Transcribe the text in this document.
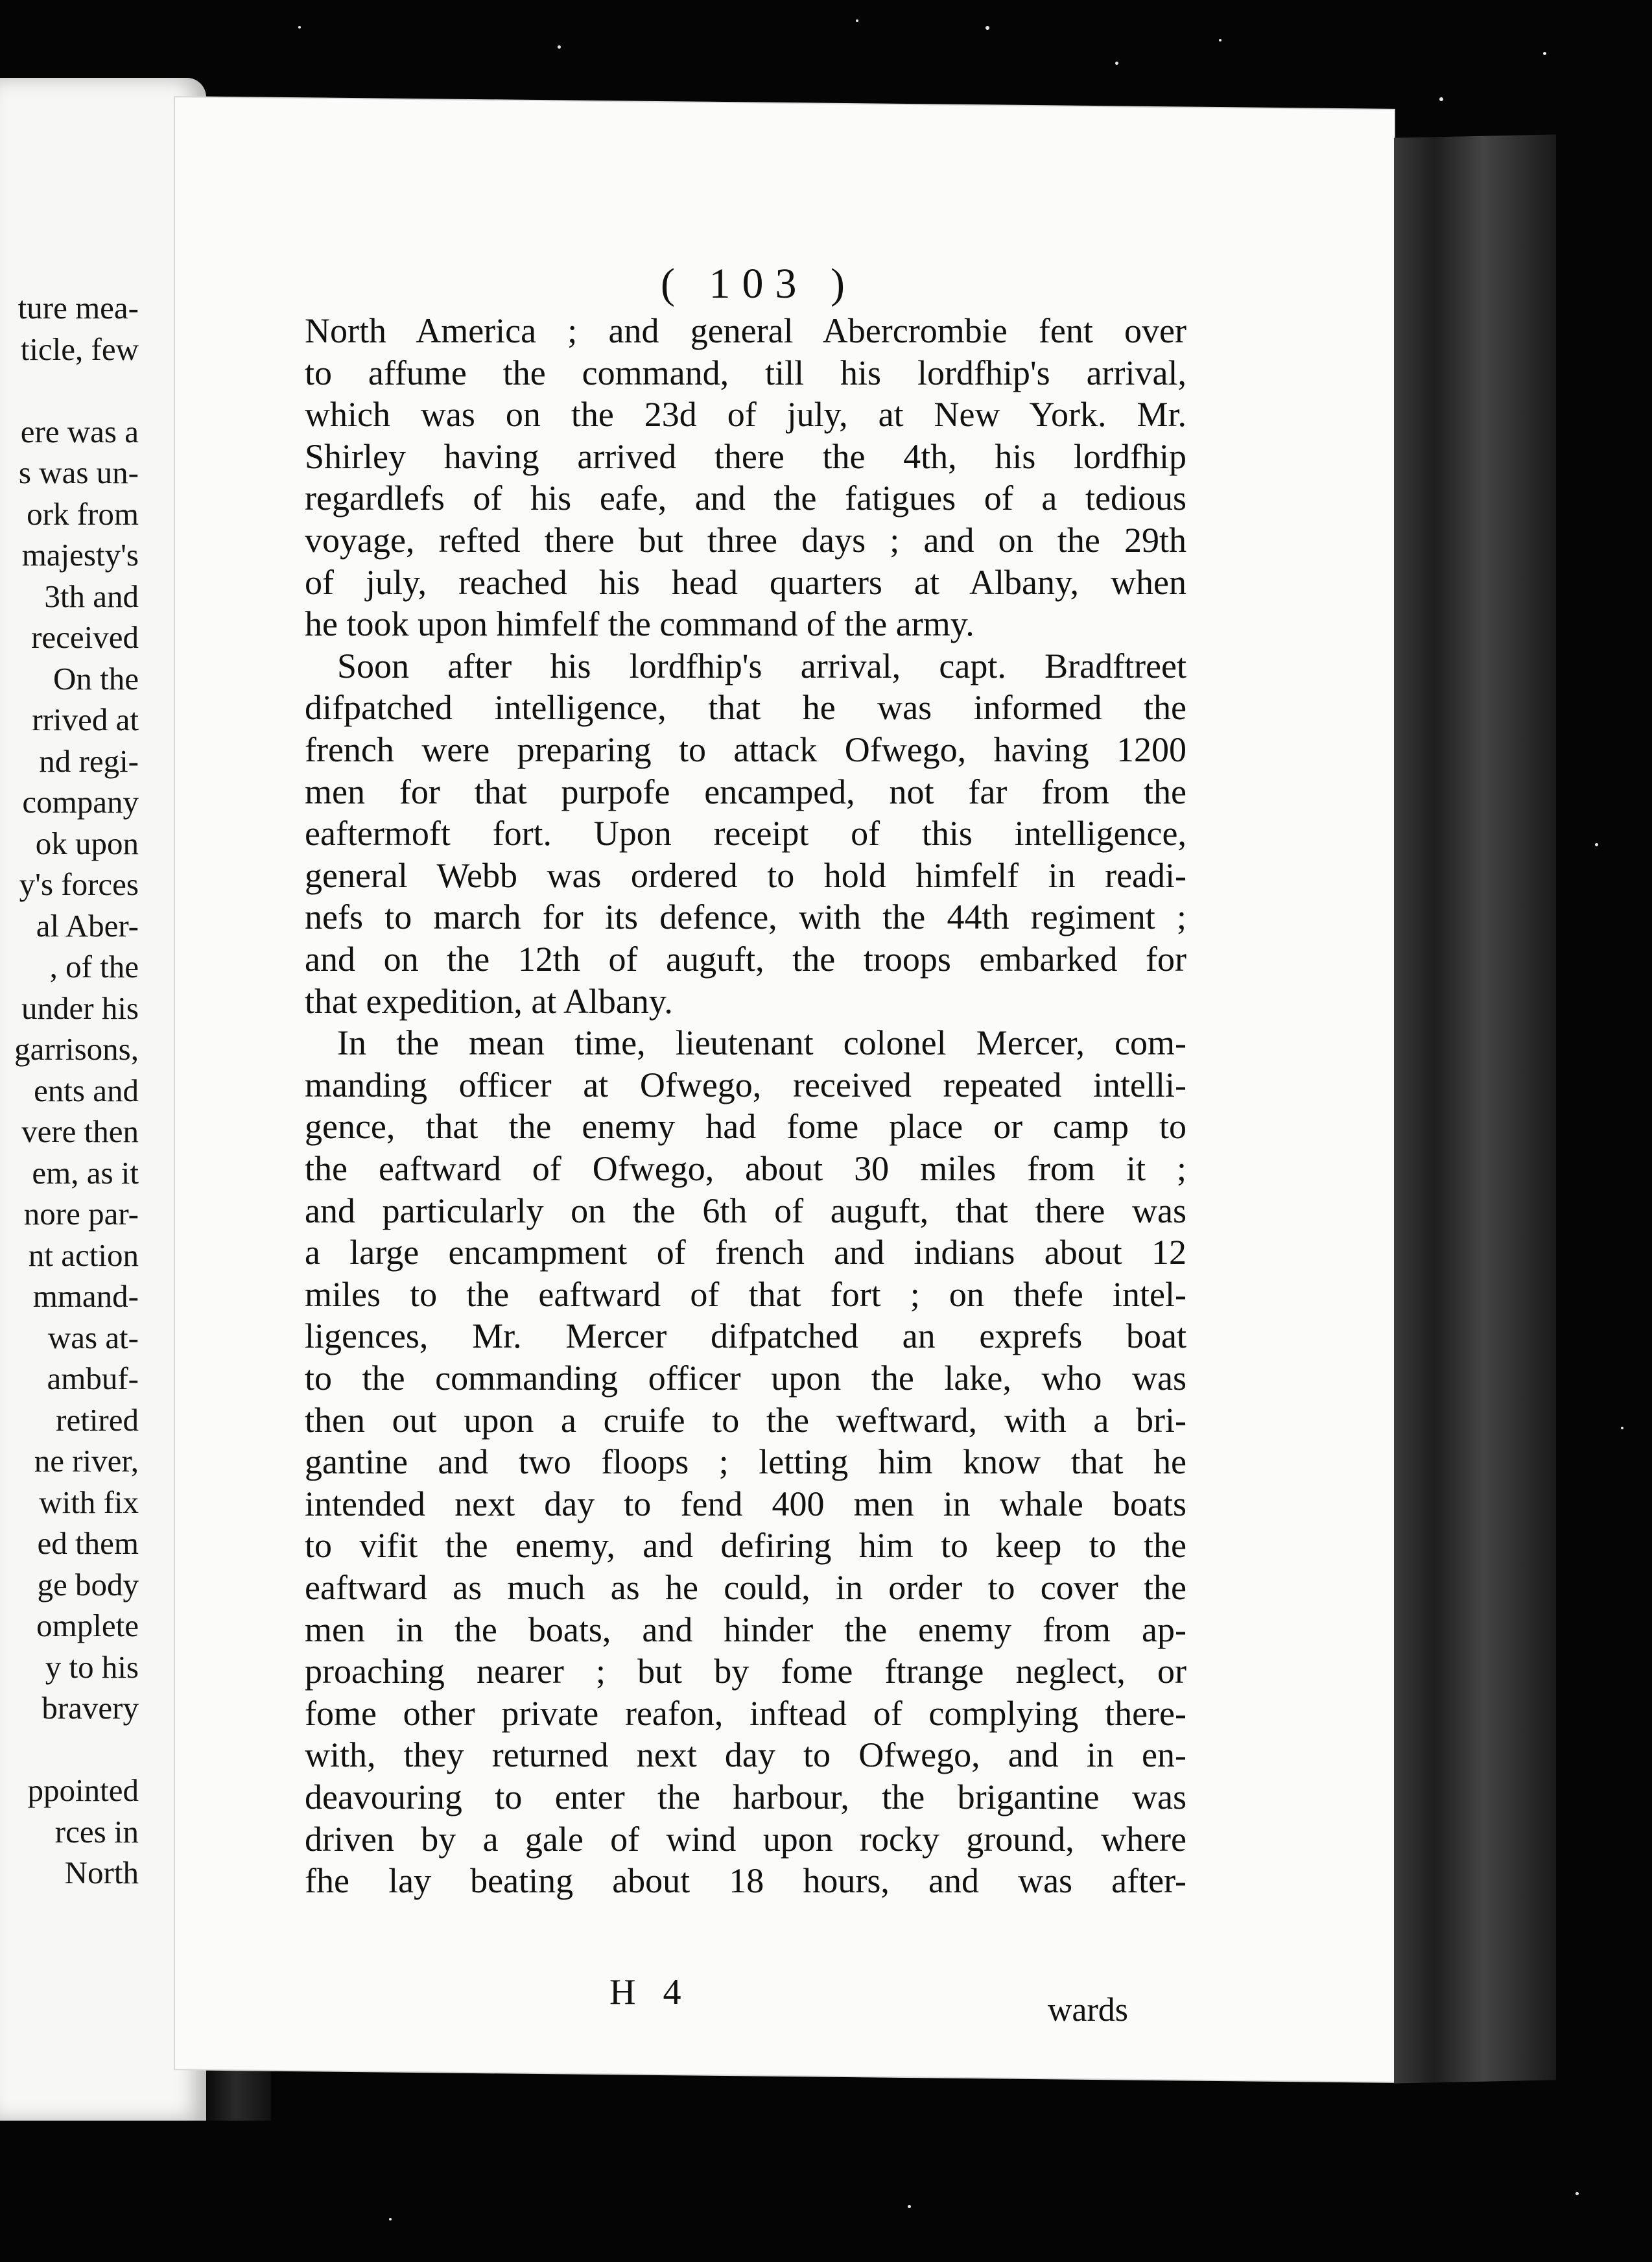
ture mea-
ticle, few
ere was a
s was un-
ork from
majesty's
3th and
received
On the
rrived at
nd regi-
company
ok upon
y's forces
al Aber-
, of the
under his
garrisons,
ents and
vere then
em, as it
nore par-
nt action
mmand-
was at-
ambuf-
retired
ne river,
with fix
ed them
ge body
omplete
y to his
bravery
ppointed
rces in
North
( 103 )
North America ; and general Abercrombie fent over
to affume the command, till his lordfhip's arrival,
which was on the 23d of july, at New York. Mr.
Shirley having arrived there the 4th, his lordfhip
regardlefs of his eafe, and the fatigues of a tedious
voyage, refted there but three days ; and on the 29th
of july, reached his head quarters at Albany, when
he took upon himfelf the command of the army.
Soon after his lordfhip's arrival, capt. Bradftreet
difpatched intelligence, that he was informed the
french were preparing to attack Ofwego, having 1200
men for that purpofe encamped, not far from the
eaftermoft fort. Upon receipt of this intelligence,
general Webb was ordered to hold himfelf in readi-
nefs to march for its defence, with the 44th regiment ;
and on the 12th of auguft, the troops embarked for
that expedition, at Albany.
In the mean time, lieutenant colonel Mercer, com-
manding officer at Ofwego, received repeated intelli-
gence, that the enemy had fome place or camp to
the eaftward of Ofwego, about 30 miles from it ;
and particularly on the 6th of auguft, that there was
a large encampment of french and indians about 12
miles to the eaftward of that fort ; on thefe intel-
ligences, Mr. Mercer difpatched an exprefs boat
to the commanding officer upon the lake, who was
then out upon a cruife to the weftward, with a bri-
gantine and two floops ; letting him know that he
intended next day to fend 400 men in whale boats
to vifit the enemy, and defiring him to keep to the
eaftward as much as he could, in order to cover the
men in the boats, and hinder the enemy from ap-
proaching nearer ; but by fome ftrange neglect, or
fome other private reafon, inftead of complying there-
with, they returned next day to Ofwego, and in en-
deavouring to enter the harbour, the brigantine was
driven by a gale of wind upon rocky ground, where
fhe lay beating about 18 hours, and was after-
H 4	wards
